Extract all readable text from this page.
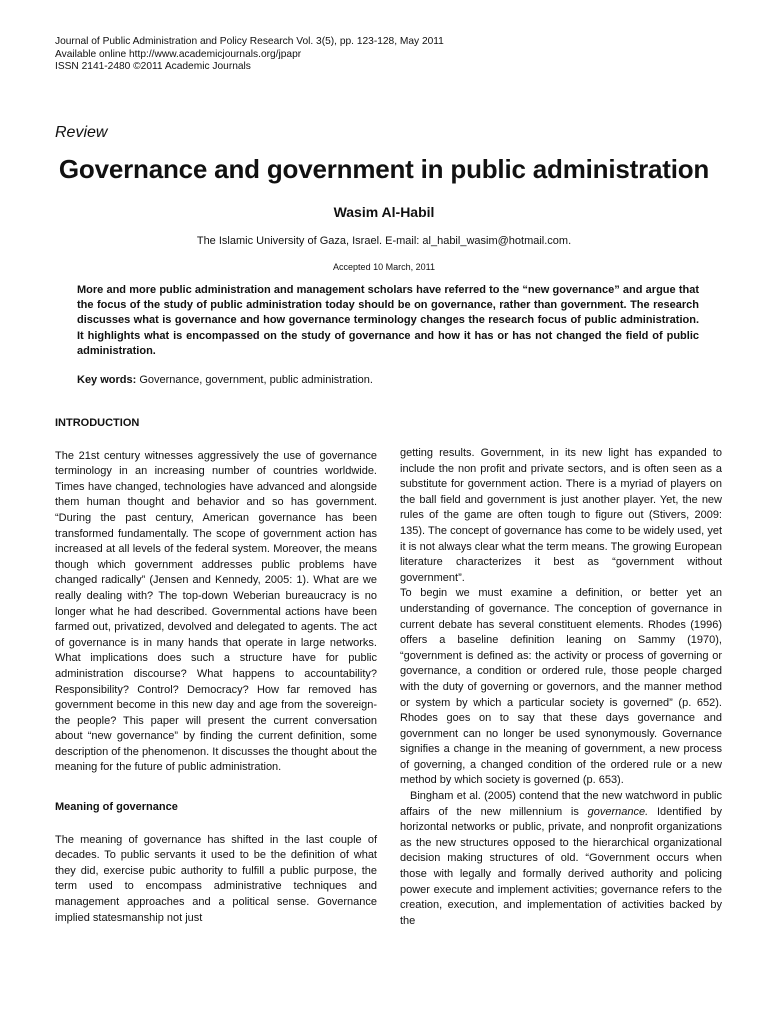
Journal of Public Administration and Policy Research Vol. 3(5), pp. 123-128, May 2011
Available online http://www.academicjournals.org/jpapr
ISSN 2141-2480 ©2011 Academic Journals
Review
Governance and government in public administration
Wasim Al-Habil
The Islamic University of Gaza, Israel. E-mail: al_habil_wasim@hotmail.com.
Accepted 10 March, 2011
More and more public administration and management scholars have referred to the “new governance” and argue that the focus of the study of public administration today should be on governance, rather than government. The research discusses what is governance and how governance terminology changes the research focus of public administration. It highlights what is encompassed on the study of governance and how it has or has not changed the field of public administration.
Key words: Governance, government, public administration.
INTRODUCTION

The 21st century witnesses aggressively the use of governance terminology in an increasing number of countries worldwide. Times have changed, technologies have advanced and alongside them human thought and behavior and so has government. “During the past century, American governance has been transformed fundamentally. The scope of government action has increased at all levels of the federal system. Moreover, the means though which government addresses public problems have changed radically” (Jensen and Kennedy, 2005: 1). What are we really dealing with? The top-down Weberian bureaucracy is no longer what he had described. Governmental actions have been farmed out, privatized, devolved and delegated to agents. The act of governance is in many hands that operate in large networks. What implications does such a structure have for public administration discourse? What happens to accountability? Responsibility? Control? Democracy? How far removed has government become in this new day and age from the sovereign- the people? This paper will present the current conversation about “new governance” by finding the current definition, some description of the phenomenon. It discusses the thought about the meaning for the future of public administration.

Meaning of governance

The meaning of governance has shifted in the last couple of decades. To public servants it used to be the definition of what they did, exercise pubic authority to fulfill a public purpose, the term used to encompass administrative techniques and management approaches and a political sense. Governance implied statesmanship not just

getting results. Government, in its new light has expanded to include the non profit and private sectors, and is often seen as a substitute for government action. There is a myriad of players on the ball field and government is just another player. Yet, the new rules of the game are often tough to figure out (Stivers, 2009: 135). The concept of governance has come to be widely used, yet it is not always clear what the term means. The growing European literature characterizes it best as “government without government”.

To begin we must examine a definition, or better yet an understanding of governance. The conception of governance in current debate has several constituent elements. Rhodes (1996) offers a baseline definition leaning on Sammy (1970), “government is defined as: the activity or process of governing or governance, a condition or ordered rule, those people charged with the duty of governing or governors, and the manner method or system by which a particular society is governed” (p. 652). Rhodes goes on to say that these days governance and government can no longer be used synonymously. Governance signifies a change in the meaning of government, a new process of governing, a changed condition of the ordered rule or a new method by which society is governed (p. 653).

Bingham et al. (2005) contend that the new watchword in public affairs of the new millennium is governance. Identified by horizontal networks or public, private, and nonprofit organizations as the new structures opposed to the hierarchical organizational decision making structures of old. “Government occurs when those with legally and formally derived authority and policing power execute and implement activities; governance refers to the creation, execution, and implementation of activities backed by the
